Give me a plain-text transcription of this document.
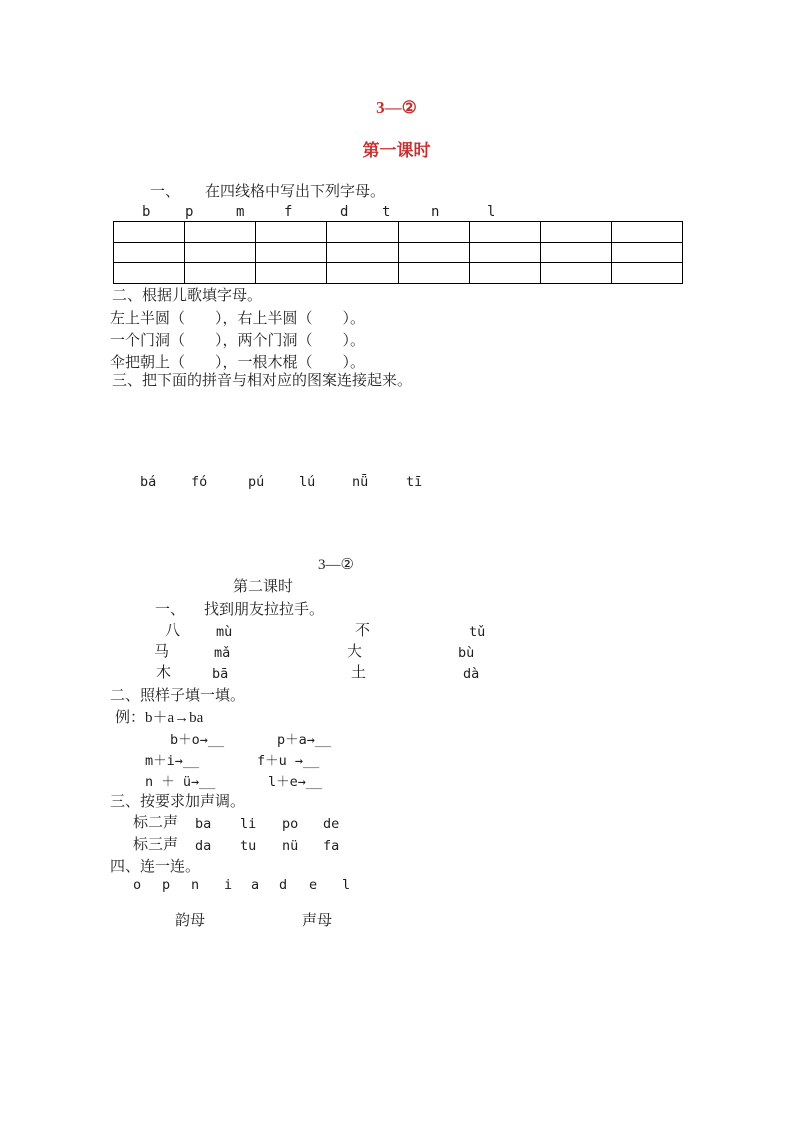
3—②
第一课时
一、 在四线格中写出下列字母。
b p	m	f	d t	n	l

二、根据儿歌填字母。
左上半圆（　　），右上半圆（　　）。
一个门洞（　　），两个门洞（　　）。
伞把朝上（　　），一根木棍（　　）。
三、把下面的拼音与相对应的图案连接起来。
bá	fó	pú	lú	nǖ	tī
3—②
第二课时
一、 找到朋友拉拉手。
八	mù	不	tǔ
马	mǎ	大	bù
木	bā	土	dà
二、照样子填一填。
例：b＋a→ba
b＋o→__	p＋a→__
m＋i→__	f＋u →__
n ＋ ü→__	l＋e→__
三、按要求加声调。
标二声 ba li po de
标三声 da tu nü fa
四、连一连。
o p n i a d e l
韵母	声母
